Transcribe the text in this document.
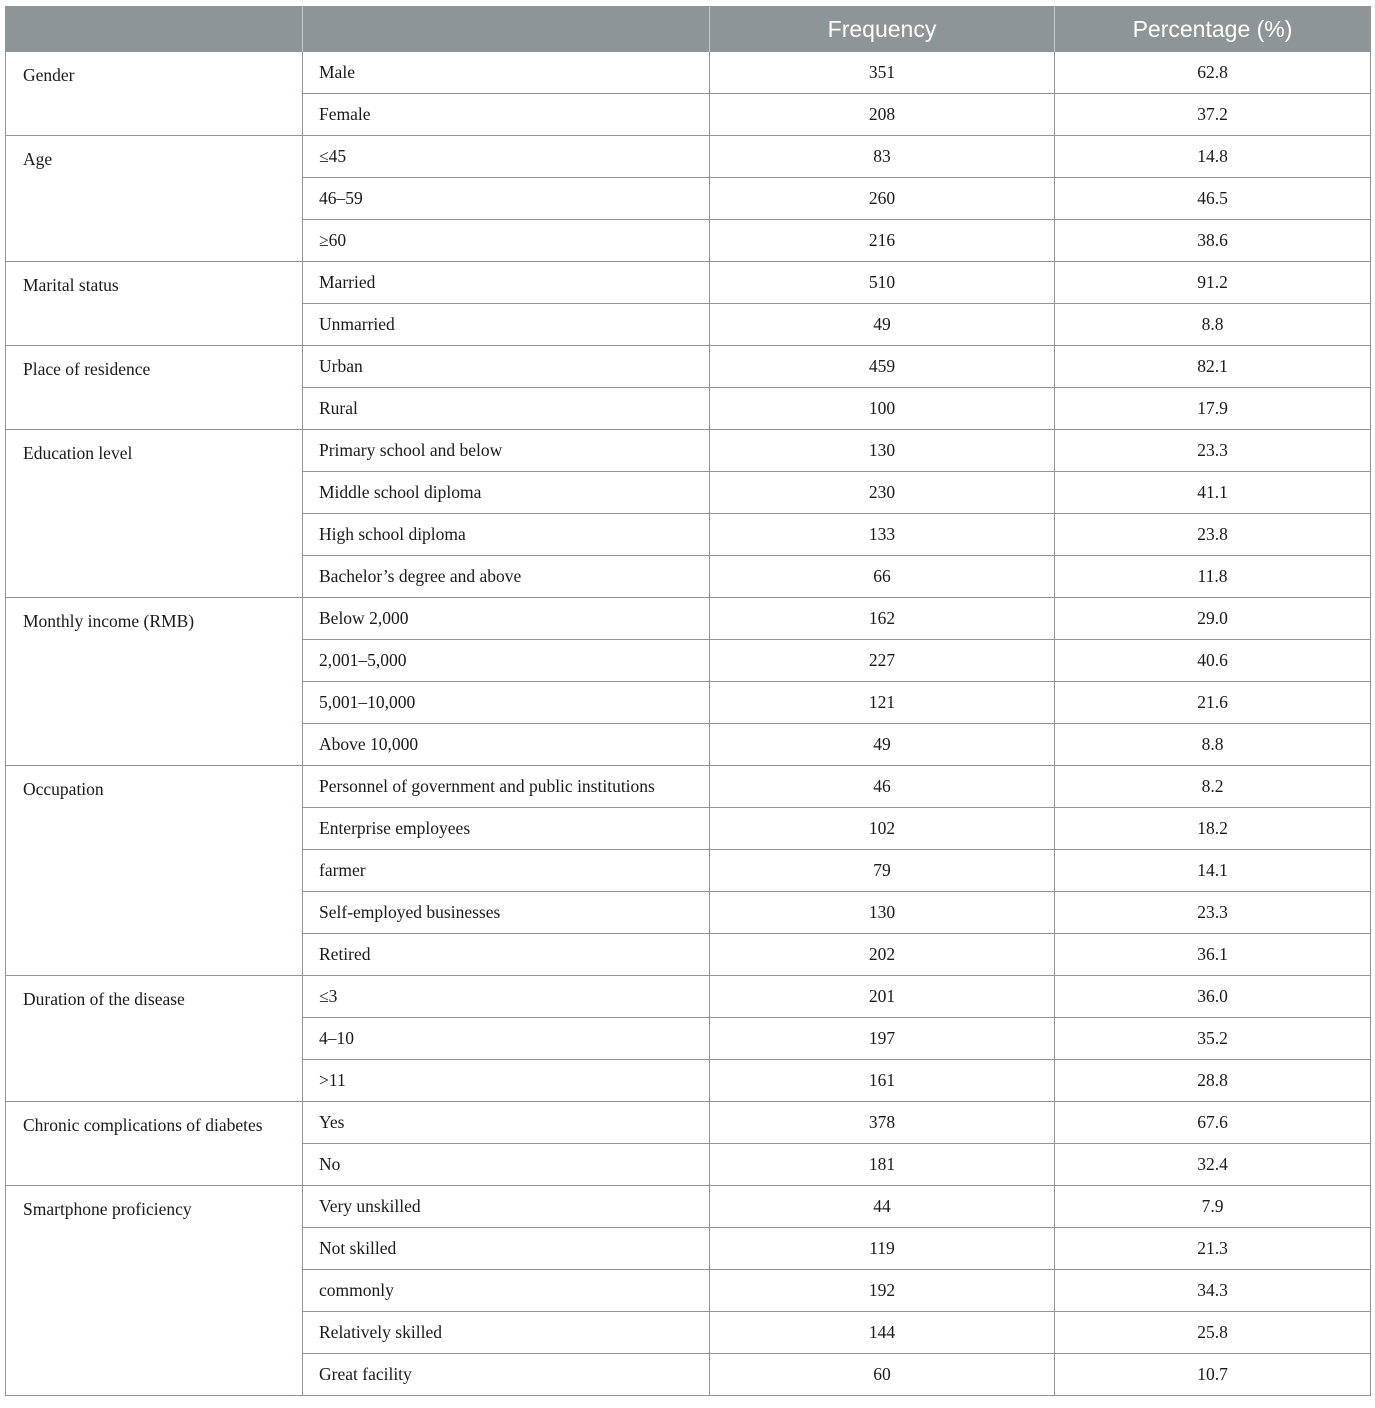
		Frequency	Percentage (%)
Gender	Male	351	62.8
	Female	208	37.2
Age	≤45	83	14.8
	46–59	260	46.5
	≥60	216	38.6
Marital status	Married	510	91.2
	Unmarried	49	8.8
Place of residence	Urban	459	82.1
	Rural	100	17.9
Education level	Primary school and below	130	23.3
	Middle school diploma	230	41.1
	High school diploma	133	23.8
	Bachelor’s degree and above	66	11.8
Monthly income (RMB)	Below 2,000	162	29.0
	2,001–5,000	227	40.6
	5,001–10,000	121	21.6
	Above 10,000	49	8.8
Occupation	Personnel of government and public institutions	46	8.2
	Enterprise employees	102	18.2
	farmer	79	14.1
	Self-employed businesses	130	23.3
	Retired	202	36.1
Duration of the disease	≤3	201	36.0
	4–10	197	35.2
	>11	161	28.8
Chronic complications of diabetes	Yes	378	67.6
	No	181	32.4
Smartphone proficiency	Very unskilled	44	7.9
	Not skilled	119	21.3
	commonly	192	34.3
	Relatively skilled	144	25.8
	Great facility	60	10.7
